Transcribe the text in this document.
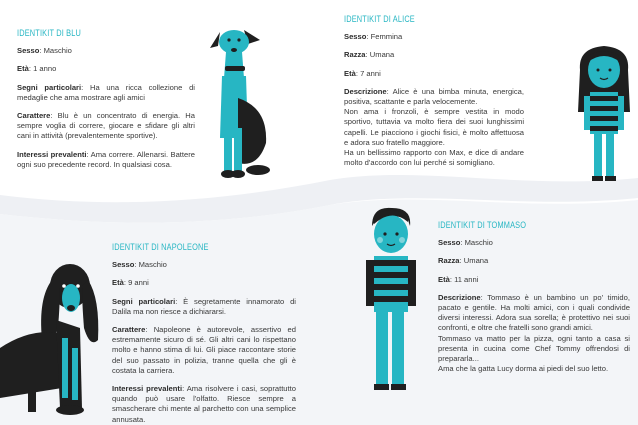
IDENTIKIT DI BLU
Sesso: Maschio
Età: 1 anno
Segni particolari: Ha una ricca collezione di medaglie che ama mostrare agli amici
Carattere: Blu è un concentrato di energia. Ha sempre voglia di correre, giocare e sfidare gli altri cani in attività (prevalentemente sportive).
Interessi prevalenti: Ama correre. Allenarsi. Battere ogni suo precedente record. In qualsiasi cosa.
IDENTIKIT DI ALICE
Sesso: Femmina
Razza: Umana
Età: 7 anni
Descrizione: Alice è una bimba minuta, energica, positiva, scattante e parla velocemente.
Non ama i fronzoli, è sempre vestita in modo sportivo, tuttavia va molto fiera dei suoi lunghissimi capelli. Le piacciono i giochi fisici, è molto affettuosa e adora suo fratello maggiore.
Ha un bellissimo rapporto con Max, e dice di andare molto d'accordo con lui perché si somigliano.
IDENTIKIT DI NAPOLEONE
Sesso: Maschio
Età: 9 anni
Segni particolari: È segretamente innamorato di Dalila ma non riesce a dichiararsi.
Carattere: Napoleone è autorevole, assertivo ed estremamente sicuro di sé. Gli altri cani lo rispettano molto e hanno stima di lui. Gli piace raccontare storie del suo passato in polizia, tranne quella che gli è costata la carriera.
Interessi prevalenti: Ama risolvere i casi, soprattutto quando può usare l'olfatto. Riesce sempre a smascherare chi mente al parchetto con una semplice annusata.
IDENTIKIT DI TOMMASO
Sesso: Maschio
Razza: Umana
Età: 11 anni
Descrizione: Tommaso è un bambino un po' timido, pacato e gentile. Ha molti amici, con i quali condivide diversi interessi. Adora sua sorella; è protettivo nei suoi confronti, e oltre che fratelli sono grandi amici.
Tommaso va matto per la pizza, ogni tanto a casa si presenta in cucina come Chef Tommy offrendosi di prepararla...
Ama che la gatta Lucy dorma ai piedi del suo letto.
